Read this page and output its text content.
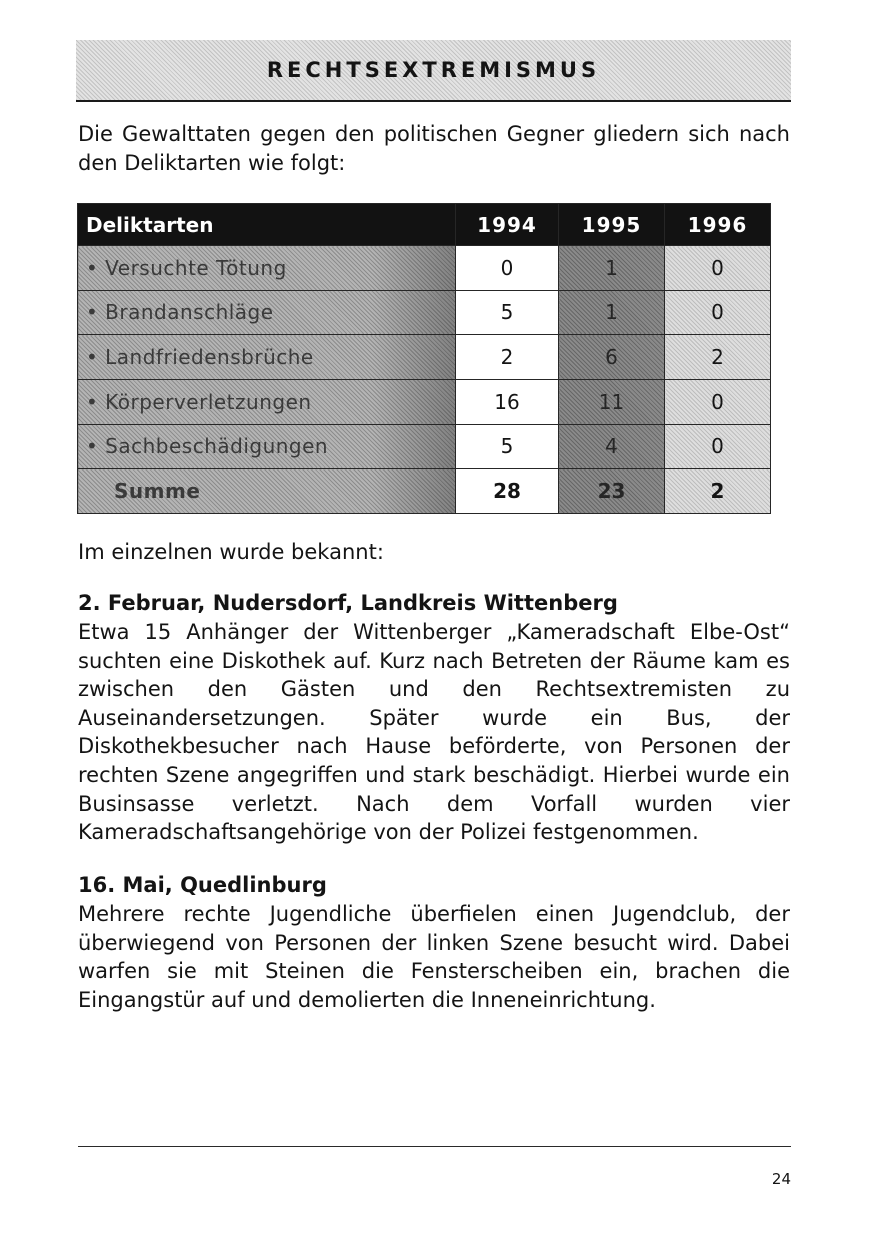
RECHTSEXTREMISMUS

Die Gewalttaten gegen den politischen Gegner gliedern sich nach den Deliktarten wie folgt:

Deliktarten	1994	1995	1996
• Versuchte Tötung	0	1	0
• Brandanschläge	5	1	0
• Landfriedensbrüche	2	6	2
• Körperverletzungen	16	11	0
• Sachbeschädigungen	5	4	0
Summe	28	23	2

Im einzelnen wurde bekannt:

2. Februar, Nudersdorf, Landkreis Wittenberg

Etwa 15 Anhänger der Wittenberger „Kameradschaft Elbe-Ost“ suchten eine Diskothek auf. Kurz nach Betreten der Räume kam es zwischen den Gästen und den Rechtsextremisten zu Auseinandersetzungen. Später wurde ein Bus, der Diskothekbesucher nach Hause beförderte, von Personen der rechten Szene angegriffen und stark beschädigt. Hierbei wurde ein Businsasse verletzt. Nach dem Vorfall wurden vier Kameradschaftsangehörige von der Polizei festgenommen.

16. Mai, Quedlinburg

Mehrere rechte Jugendliche überfielen einen Jugendclub, der überwiegend von Personen der linken Szene besucht wird. Dabei warfen sie mit Steinen die Fensterscheiben ein, brachen die Eingangstür auf und demolierten die Inneneinrichtung.

24
